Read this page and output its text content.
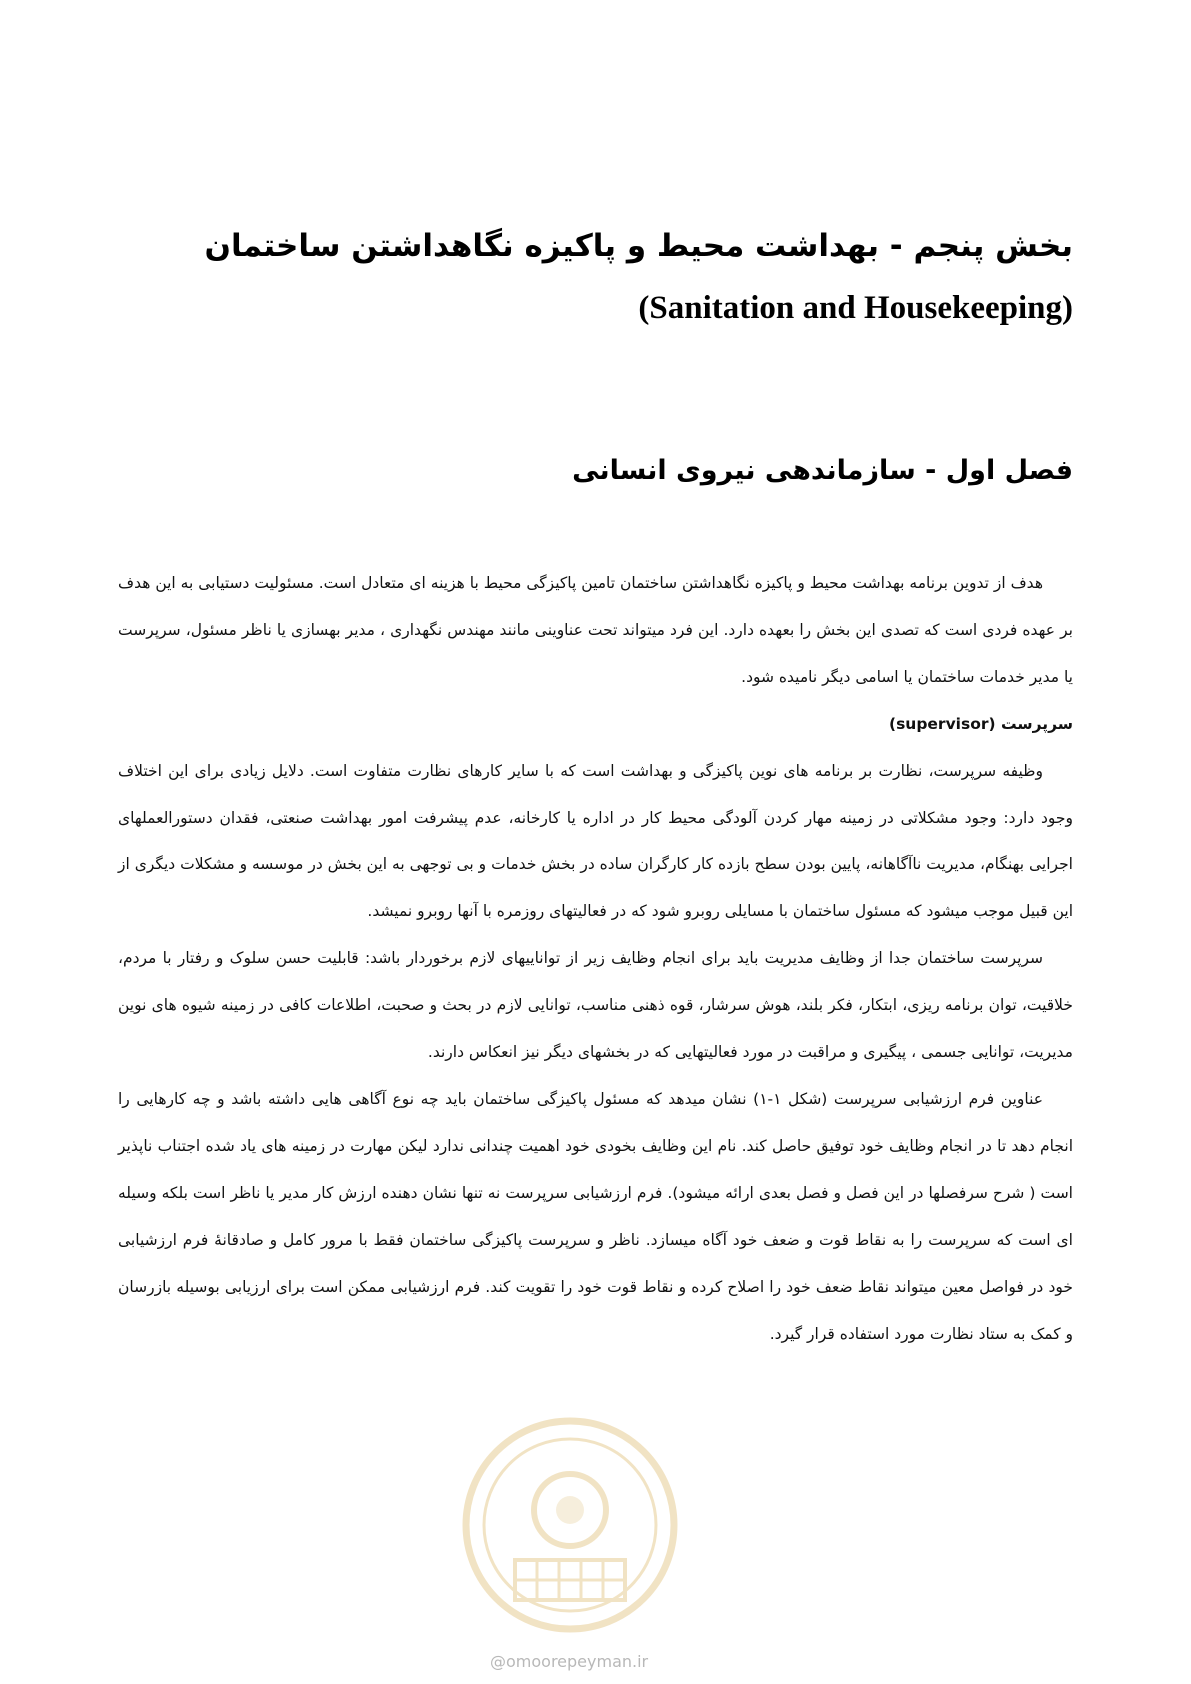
بخش پنجم - بهداشت محیط و پاکیزه نگاهداشتن ساختمان
(Sanitation and Housekeeping)
فصل اول - سازماندهی نیروی انسانی

هدف از تدوین برنامه بهداشت محیط و پاکیزه نگاهداشتن ساختمان تامین پاکیزگی محیط با هزینه ای متعادل است. مسئولیت دستیابی به این هدف بر عهده فردی است که تصدی این بخش را بعهده دارد. این فرد میتواند تحت عناوینی مانند مهندس نگهداری ، مدیر بهسازی یا ناظر مسئول، سرپرست یا مدیر خدمات ساختمان یا اسامی دیگر نامیده شود.

سرپرست (supervisor)

وظیفه سرپرست، نظارت بر برنامه های نوین پاکیزگی و بهداشت است که با سایر کارهای نظارت متفاوت است. دلایل زیادی برای این اختلاف وجود دارد: وجود مشکلاتی در زمینه مهار کردن آلودگی محیط کار در اداره یا کارخانه، عدم پیشرفت امور بهداشت صنعتی، فقدان دستورالعملهای اجرایی بهنگام، مدیریت ناآگاهانه، پایین بودن سطح بازده کار کارگران ساده در بخش خدمات و بی توجهی به این بخش در موسسه و مشکلات دیگری از این قبیل موجب میشود که مسئول ساختمان با مسایلی روبرو شود که در فعالیتهای روزمره با آنها روبرو نمیشد.

سرپرست ساختمان جدا از وظایف مدیریت باید برای انجام وظایف زیر از تواناییهای لازم برخوردار باشد: قابلیت حسن سلوک و رفتار با مردم، خلاقیت، توان برنامه ریزی، ابتکار، فکر بلند، هوش سرشار، قوه ذهنی مناسب، توانایی لازم در بحث و صحبت، اطلاعات کافی در زمینه شیوه های نوین مدیریت، توانایی جسمی ، پیگیری و مراقبت در مورد فعالیتهایی که در بخشهای دیگر نیز انعکاس دارند.

عناوین فرم ارزشیابی سرپرست (شکل ۱-۱) نشان میدهد که مسئول پاکیزگی ساختمان باید چه نوع آگاهی هایی داشته باشد و چه کارهایی را انجام دهد تا در انجام وظایف خود توفیق حاصل کند. نام این وظایف بخودی خود اهمیت چندانی ندارد لیکن مهارت در زمینه های یاد شده اجتناب ناپذیر است ( شرح سرفصلها در این فصل و فصل بعدی ارائه میشود). فرم ارزشیابی سرپرست نه تنها نشان دهنده ارزش کار مدیر یا ناظر است بلکه وسیله ای است که سرپرست را به نقاط قوت و ضعف خود آگاه میسازد. ناظر و سرپرست پاکیزگی ساختمان فقط با مرور کامل و صادقانهٔ فرم ارزشیابی خود در فواصل معین میتواند نقاط ضعف خود را اصلاح کرده و نقاط قوت خود را تقویت کند. فرم ارزشیابی ممکن است برای ارزیابی بوسیله بازرسان و کمک به ستاد نظارت مورد استفاده قرار گیرد.

@omoorepeyman.ir
